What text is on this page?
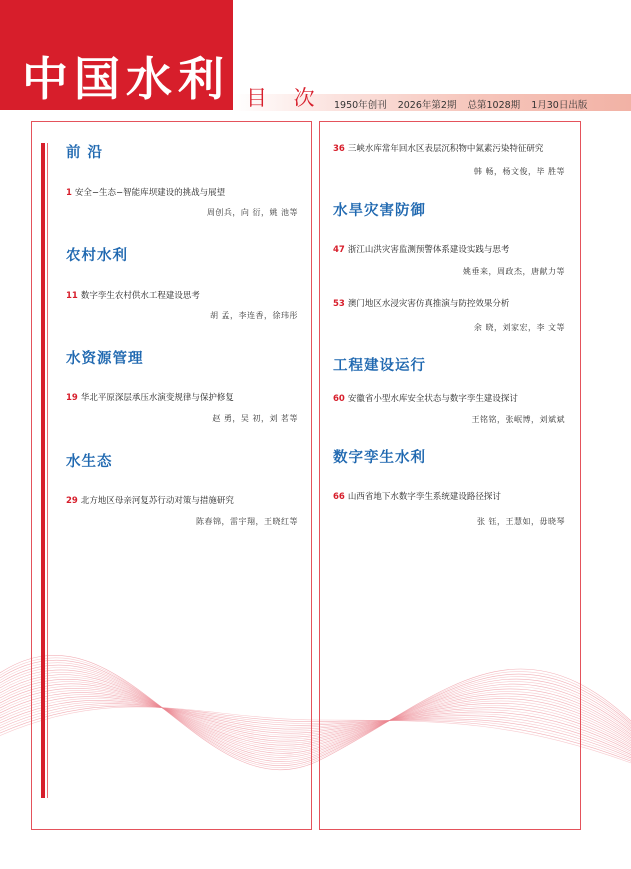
中国水利 目 次 1950年创刊 2026年第2期 总第1028期 1月30日出版
前 沿
1 安全−生态−智能库坝建设的挑战与展望
周创兵，向 衍，姚 池等
农村水利
11 数字孪生农村供水工程建设思考
胡 孟，李连香，徐玮彤
水资源管理
19 华北平原深层承压水演变规律与保护修复
赵 勇，吴 初，刘 茗等
水生态
29 北方地区母亲河复苏行动对策与措施研究
陈春锦，雷宇翔，王晓红等
36 三峡水库常年回水区表层沉积物中氮素污染特征研究
韩 畅，杨文俊，毕 胜等
水旱灾害防御
47 浙江山洪灾害监测预警体系建设实践与思考
姚垂来，周政杰，唐献力等
53 澳门地区水浸灾害仿真推演与防控效果分析
余 晓，刘家宏，李 文等
工程建设运行
60 安徽省小型水库安全状态与数字孪生建设探讨
王铭铭，张岷博，刘斌斌
数字孪生水利
66 山西省地下水数字孪生系统建设路径探讨
张 钰，王慧如，毋晓琴
